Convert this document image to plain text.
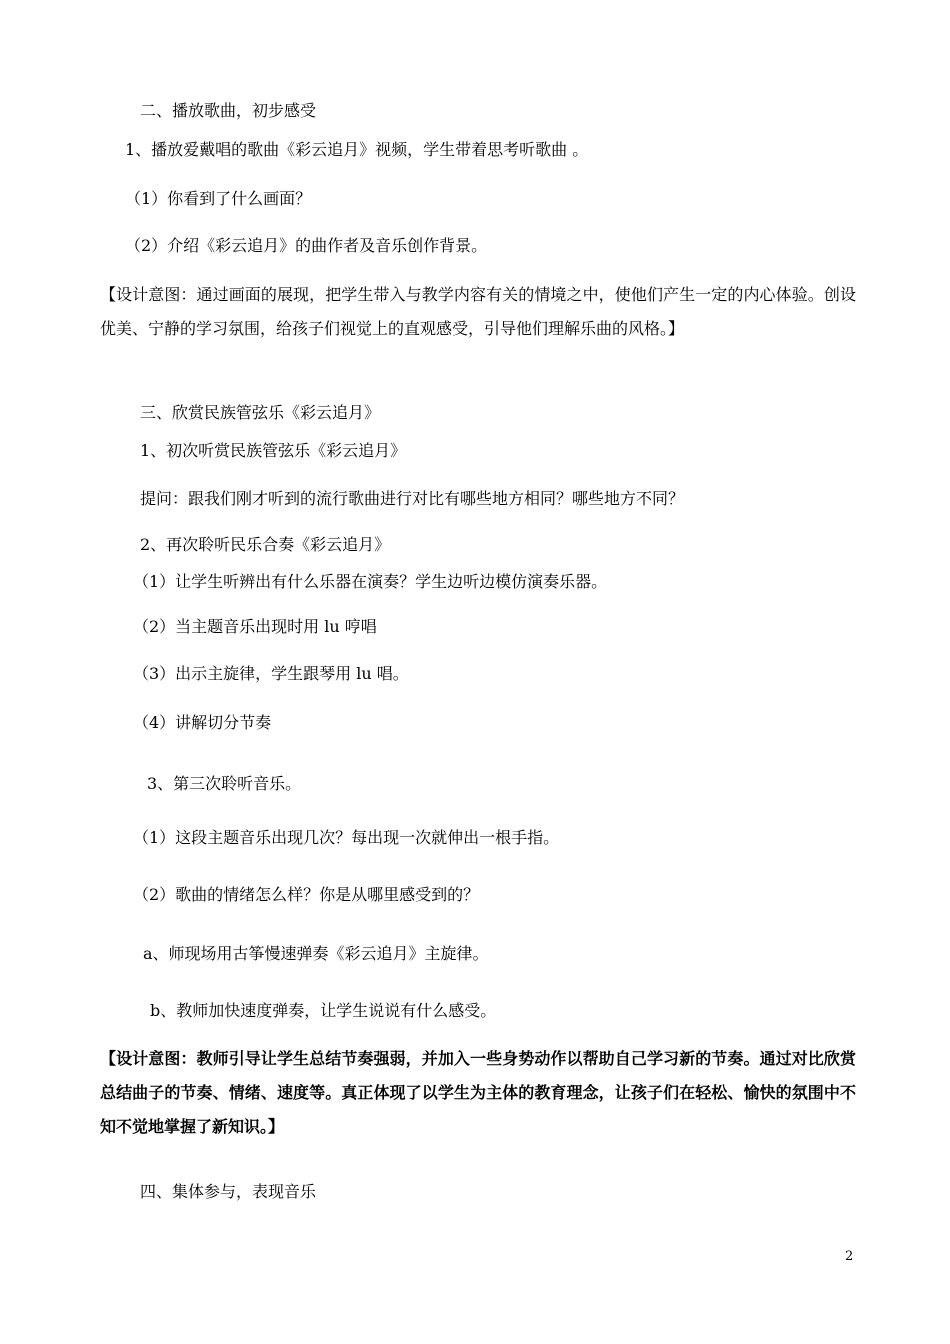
二、播放歌曲，初步感受
1、播放爱戴唱的歌曲《彩云追月》视频，学生带着思考听歌曲 。
（1）你看到了什么画面？
（2）介绍《彩云追月》的曲作者及音乐创作背景。
【设计意图：通过画面的展现，把学生带入与教学内容有关的情境之中，使他们产生一定的内心体验。创设优美、宁静的学习氛围，给孩子们视觉上的直观感受，引导他们理解乐曲的风格。】
三、欣赏民族管弦乐《彩云追月》
1、初次听赏民族管弦乐《彩云追月》
提问：跟我们刚才听到的流行歌曲进行对比有哪些地方相同？哪些地方不同？
2、再次聆听民乐合奏《彩云追月》
（1）让学生听辨出有什么乐器在演奏？学生边听边模仿演奏乐器。
（2）当主题音乐出现时用 lu 哼唱
（3）出示主旋律，学生跟琴用 lu 唱。
（4）讲解切分节奏
3、第三次聆听音乐。
（1）这段主题音乐出现几次？每出现一次就伸出一根手指。
（2）歌曲的情绪怎么样？你是从哪里感受到的？
a、师现场用古筝慢速弹奏《彩云追月》主旋律。
b、教师加快速度弹奏，让学生说说有什么感受。
【设计意图：教师引导让学生总结节奏强弱，并加入一些身势动作以帮助自己学习新的节奏。通过对比欣赏总结曲子的节奏、情绪、速度等。真正体现了以学生为主体的教育理念，让孩子们在轻松、愉快的氛围中不知不觉地掌握了新知识。】
四、集体参与，表现音乐
2
